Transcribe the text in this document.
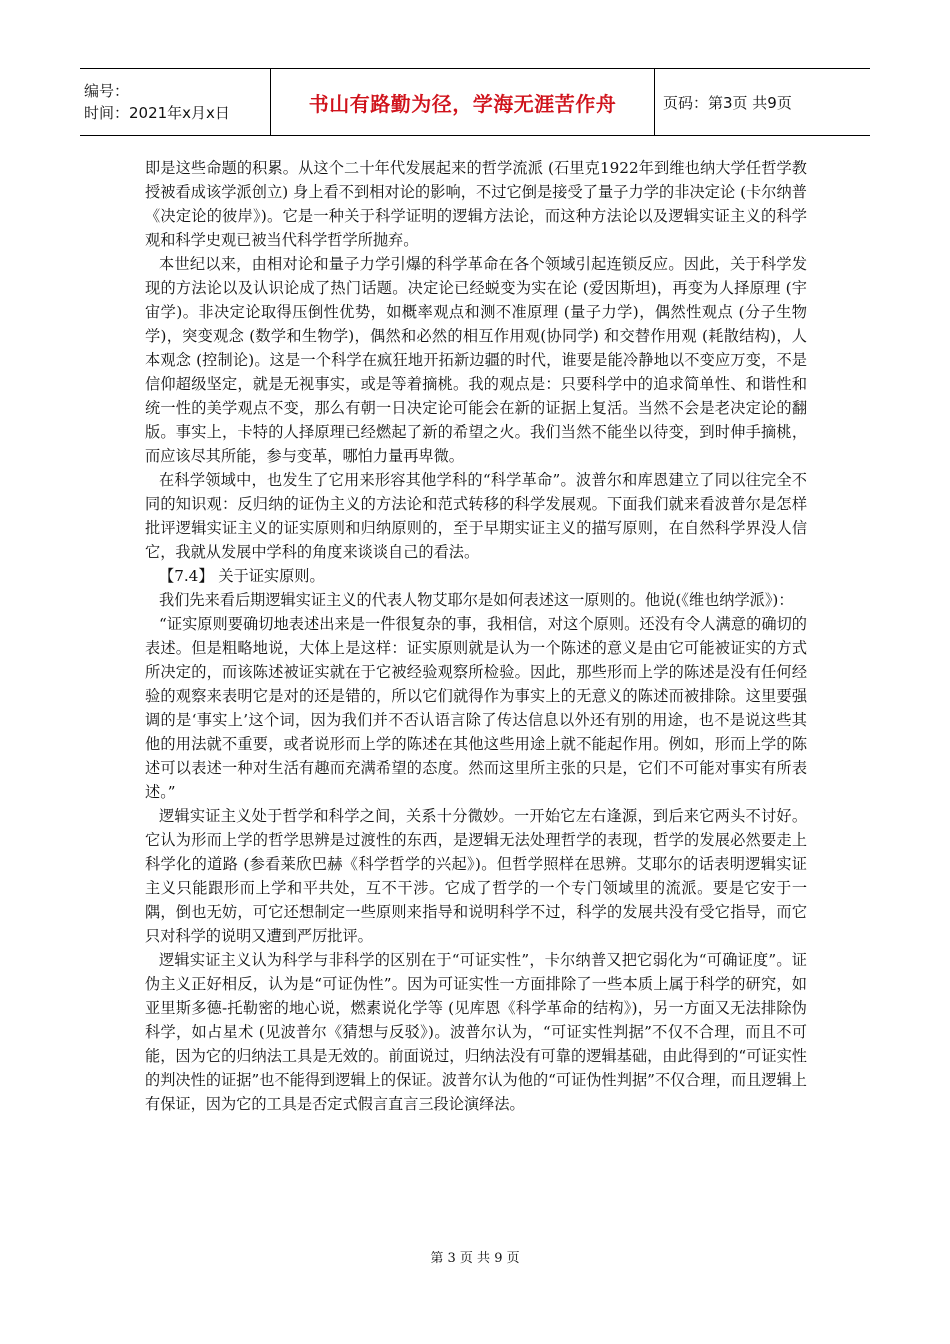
编号：
时间：2021年x月x日	书山有路勤为径，学海无涯苦作舟	页码：第3页 共9页

即是这些命题的积累。从这个二十年代发展起来的哲学流派 (石里克1922年到维也纳大学任哲学教授被看成该学派创立) 身上看不到相对论的影响，不过它倒是接受了量子力学的非决定论 (卡尔纳普《决定论的彼岸》)。它是一种关于科学证明的逻辑方法论，而这种方法论以及逻辑实证主义的科学观和科学史观已被当代科学哲学所抛弃。

本世纪以来，由相对论和量子力学引爆的科学革命在各个领域引起连锁反应。因此，关于科学发现的方法论以及认识论成了热门话题。决定论已经蜕变为实在论 (爱因斯坦)，再变为人择原理 (宇宙学)。非决定论取得压倒性优势，如概率观点和测不准原理 (量子力学)，偶然性观点 (分子生物学)，突变观念 (数学和生物学)，偶然和必然的相互作用观(协同学) 和交替作用观 (耗散结构)，人本观念 (控制论)。这是一个科学在疯狂地开拓新边疆的时代，谁要是能冷静地以不变应万变，不是信仰超级坚定，就是无视事实，或是等着摘桃。我的观点是：只要科学中的追求简单性、和谐性和统一性的美学观点不变，那么有朝一日决定论可能会在新的证据上复活。当然不会是老决定论的翻版。事实上，卡特的人择原理已经燃起了新的希望之火。我们当然不能坐以待变，到时伸手摘桃，而应该尽其所能，参与变革，哪怕力量再卑微。

在科学领域中，也发生了它用来形容其他学科的“科学革命”。波普尔和库恩建立了同以往完全不同的知识观：反归纳的证伪主义的方法论和范式转移的科学发展观。下面我们就来看波普尔是怎样批评逻辑实证主义的证实原则和归纳原则的，至于早期实证主义的描写原则，在自然科学界没人信它，我就从发展中学科的角度来谈谈自己的看法。

【7.4】 关于证实原则。

我们先来看后期逻辑实证主义的代表人物艾耶尔是如何表述这一原则的。他说(《维也纳学派》)：

“证实原则要确切地表述出来是一件很复杂的事，我相信，对这个原则。还没有令人满意的确切的表述。但是粗略地说，大体上是这样：证实原则就是认为一个陈述的意义是由它可能被证实的方式所决定的，而该陈述被证实就在于它被经验观察所检验。因此，那些形而上学的陈述是没有任何经验的观察来表明它是对的还是错的，所以它们就得作为事实上的无意义的陈述而被排除。这里要强调的是‘事实上’这个词，因为我们并不否认语言除了传达信息以外还有别的用途，也不是说这些其他的用法就不重要，或者说形而上学的陈述在其他这些用途上就不能起作用。例如，形而上学的陈述可以表述一种对生活有趣而充满希望的态度。然而这里所主张的只是，它们不可能对事实有所表述。”

逻辑实证主义处于哲学和科学之间，关系十分微妙。一开始它左右逢源，到后来它两头不讨好。它认为形而上学的哲学思辨是过渡性的东西，是逻辑无法处理哲学的表现，哲学的发展必然要走上科学化的道路 (参看莱欣巴赫《科学哲学的兴起》)。但哲学照样在思辨。艾耶尔的话表明逻辑实证主义只能跟形而上学和平共处，互不干涉。它成了哲学的一个专门领域里的流派。要是它安于一隅，倒也无妨，可它还想制定一些原则来指导和说明科学不过，科学的发展共没有受它指导，而它只对科学的说明又遭到严厉批评。

逻辑实证主义认为科学与非科学的区别在于“可证实性”，卡尔纳普又把它弱化为“可确证度”。证伪主义正好相反，认为是“可证伪性”。因为可证实性一方面排除了一些本质上属于科学的研究，如亚里斯多德-托勒密的地心说，燃素说化学等 (见库恩《科学革命的结构》)，另一方面又无法排除伪科学，如占星术 (见波普尔《猜想与反驳》)。波普尔认为，“可证实性判据”不仅不合理，而且不可能，因为它的归纳法工具是无效的。前面说过，归纳法没有可靠的逻辑基础，由此得到的“可证实性的判决性的证据”也不能得到逻辑上的保证。波普尔认为他的“可证伪性判据”不仅合理，而且逻辑上有保证，因为它的工具是否定式假言直言三段论演绎法。

第 3 页 共 9 页
